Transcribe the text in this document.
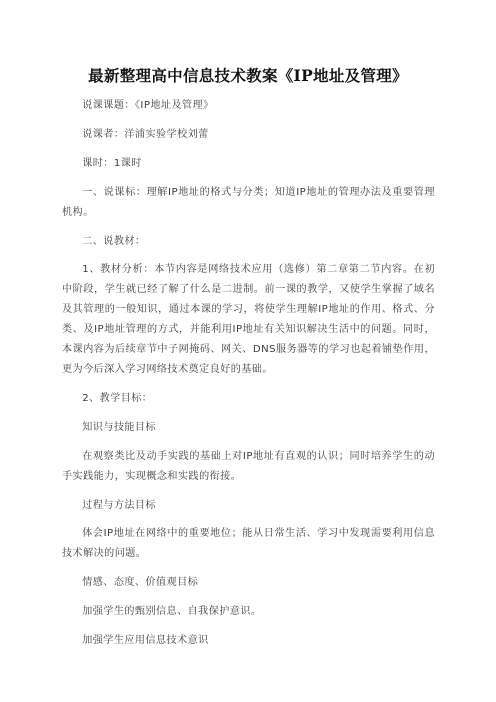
最新整理高中信息技术教案《IP地址及管理》

说课课题：《IP地址及管理》

说课者：洋浦实验学校刘蕾

课时：1课时

一、说课标：理解IP地址的格式与分类；知道IP地址的管理办法及重要管理机构。

二、说教材：

1、教材分析：本节内容是网络技术应用（选修）第二章第二节内容。在初中阶段，学生就已经了解了什么是二进制。前一课的教学，又使学生掌握了域名及其管理的一般知识，通过本课的学习，将使学生理解IP地址的作用、格式、分类、及IP地址管理的方式，并能利用IP地址有关知识解决生活中的问题。同时，本课内容为后续章节中子网掩码、网关、DNS服务器等的学习也起着铺垫作用，更为今后深入学习网络技术奠定良好的基础。

2、教学目标：

知识与技能目标

在观察类比及动手实践的基础上对IP地址有直观的认识；同时培养学生的动手实践能力，实现概念和实践的衔接。

过程与方法目标

体会IP地址在网络中的重要地位；能从日常生活、学习中发现需要利用信息技术解决的问题。

情感、态度、价值观目标

加强学生的甄别信息、自我保护意识。

加强学生应用信息技术意识
